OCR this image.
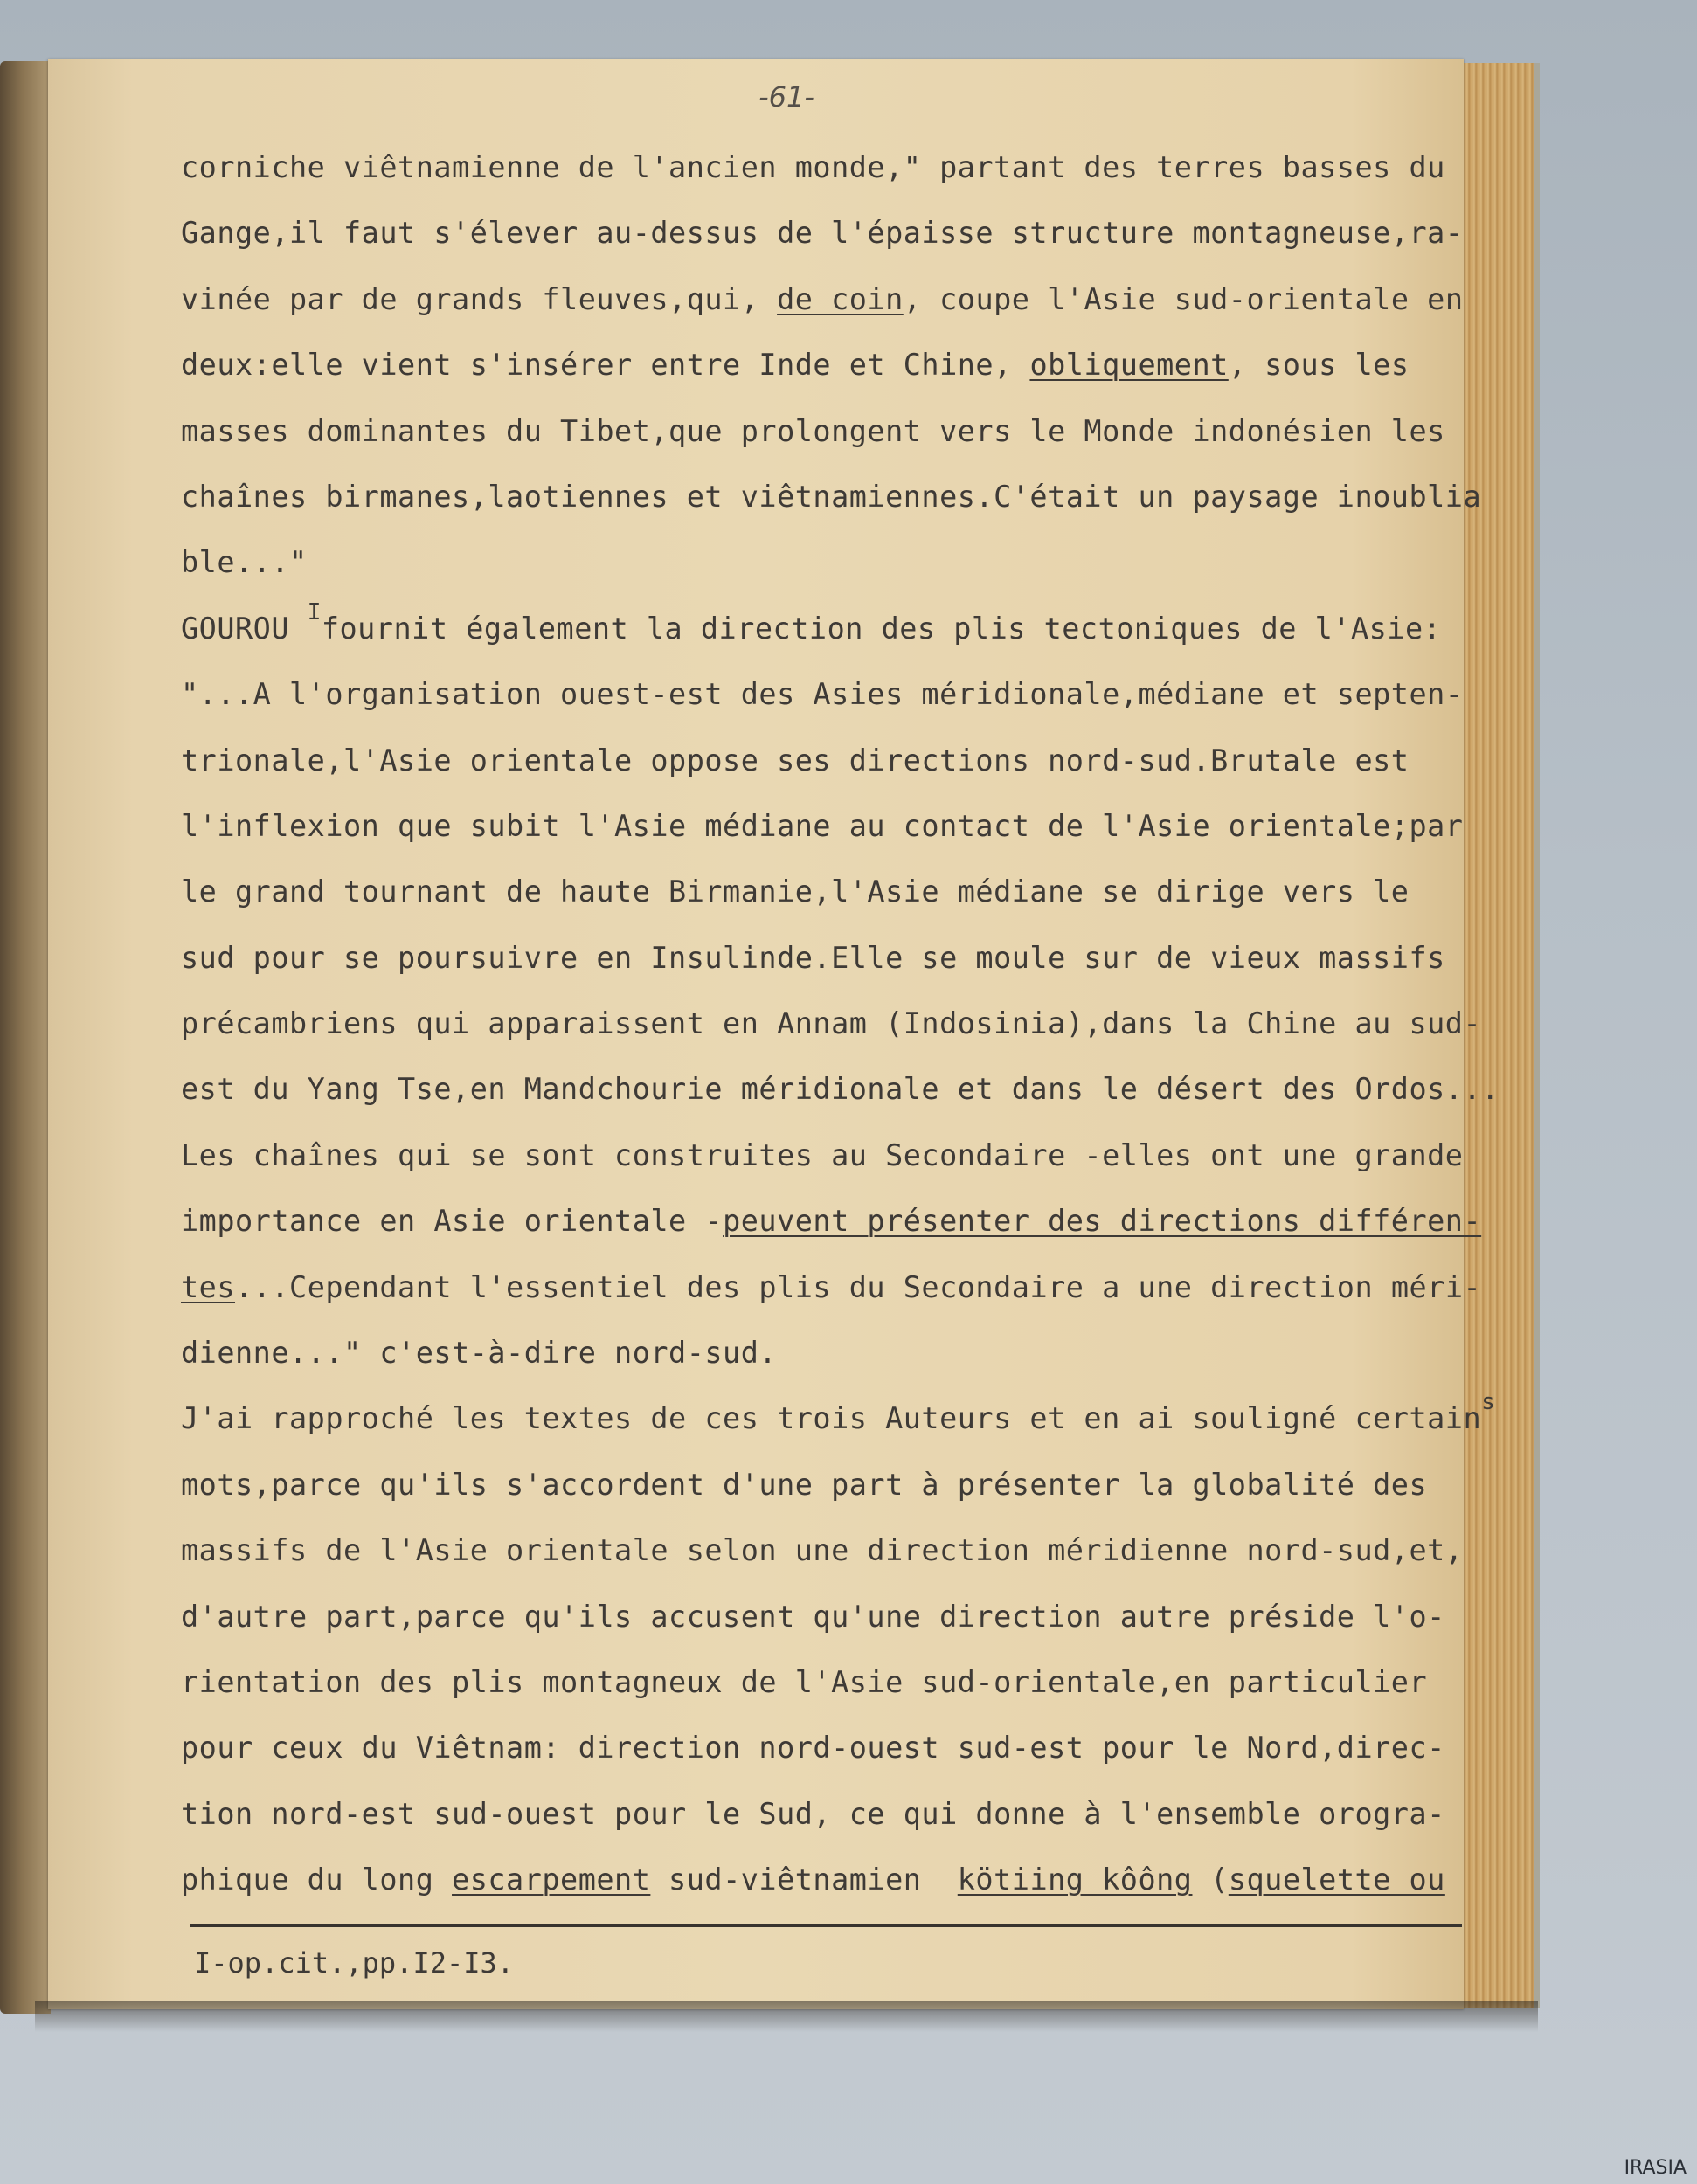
-61-
corniche viêtnamienne de l'ancien monde," partant des terres basses du
Gange,il faut s'élever au-dessus de l'épaisse structure montagneuse,ra-
vinée par de grands fleuves,qui, de coin, coupe l'Asie sud-orientale en
deux:elle vient s'insérer entre Inde et Chine, obliquement, sous les
masses dominantes du Tibet,que prolongent vers le Monde indonésien les
chaînes birmanes,laotiennes et viêtnamiennes.C'était un paysage inoublia
ble..."
GOUROU $^I$fournit également la direction des plis tectoniques de l'Asie:
"...A l'organisation ouest-est des Asies méridionale,médiane et septen-
trionale,l'Asie orientale oppose ses directions nord-sud.Brutale est
l'inflexion que subit l'Asie médiane au contact de l'Asie orientale;par
le grand tournant de haute Birmanie,l'Asie médiane se dirige vers le
sud pour se poursuivre en Insulinde.Elle se moule sur de vieux massifs
précambriens qui apparaissent en Annam (Indosinia),dans la Chine au sud-
est du Yang Tse,en Mandchourie méridionale et dans le désert des Ordos...
Les chaînes qui se sont construites au Secondaire -elles ont une grande
importance en Asie orientale -peuvent présenter des directions différen-
tes...Cependant l'essentiel des plis du Secondaire a une direction méri-
dienne..." c'est-à-dire nord-sud.
J'ai rapproché les textes de ces trois Auteurs et en ai souligné certain$^s$
mots,parce qu'ils s'accordent d'une part à présenter la globalité des
massifs de l'Asie orientale selon une direction méridienne nord-sud,et,
d'autre part,parce qu'ils accusent qu'une direction autre préside l'o-
rientation des plis montagneux de l'Asie sud-orientale,en particulier
pour ceux du Viêtnam: direction nord-ouest sud-est pour le Nord,direc-
tion nord-est sud-ouest pour le Sud, ce qui donne à l'ensemble orogra-
phique du long escarpement sud-viêtnamien  kötiing kôông (squelette ou
I-op.cit.,pp.I2-I3.
IRASIA
